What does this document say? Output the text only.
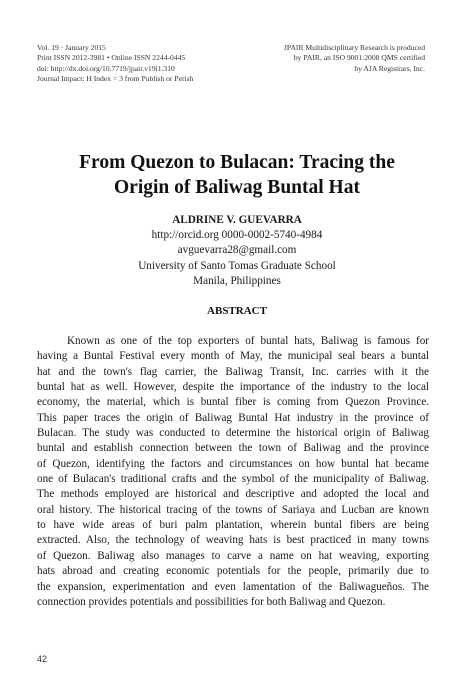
Vol. 19 · January 2015
Print ISSN 2012-3981 • Online ISSN 2244-0445
doi: http://dx.doi.org/10.7719/jpair.v19i1.310
Journal Impact: H Index = 3 from Publish or Perish
JPAIR Multidisciplinary Research is produced
by PAIR, an ISO 9001:2008 QMS certified
by AJA Registrars, Inc.
From Quezon to Bulacan: Tracing the
Origin of Baliwag Buntal Hat
ALDRINE V. GUEVARRA
http://orcid.org 0000-0002-5740-4984
avguevarra28@gmail.com
University of Santo Tomas Graduate School
Manila, Philippines
ABSTRACT
Known as one of the top exporters of buntal hats, Baliwag is famous for
having a Buntal Festival every month of May, the municipal seal bears a buntal
hat and the town's flag carrier, the Baliwag Transit, Inc. carries with it the
buntal hat as well. However, despite the importance of the industry to the local
economy, the material, which is buntal fiber is coming from Quezon Province.
This paper traces the origin of Baliwag Buntal Hat industry in the province of
Bulacan. The study was conducted to determine the historical origin of Baliwag
buntal and establish connection between the town of Baliwag and the province
of Quezon, identifying the factors and circumstances on how buntal hat became
one of Bulacan's traditional crafts and the symbol of the municipality of Baliwag.
The methods employed are historical and descriptive and adopted the local and
oral history. The historical tracing of the towns of Sariaya and Lucban are known
to have wide areas of buri palm plantation, wherein buntal fibers are being
extracted. Also, the technology of weaving hats is best practiced in many towns
of Quezon. Baliwag also manages to carve a name on hat weaving, exporting
hats abroad and creating economic potentials for the people, primarily due to
the expansion, experimentation and even lamentation of the Baliwagueños. The
connection provides potentials and possibilities for both Baliwag and Quezon.
42
